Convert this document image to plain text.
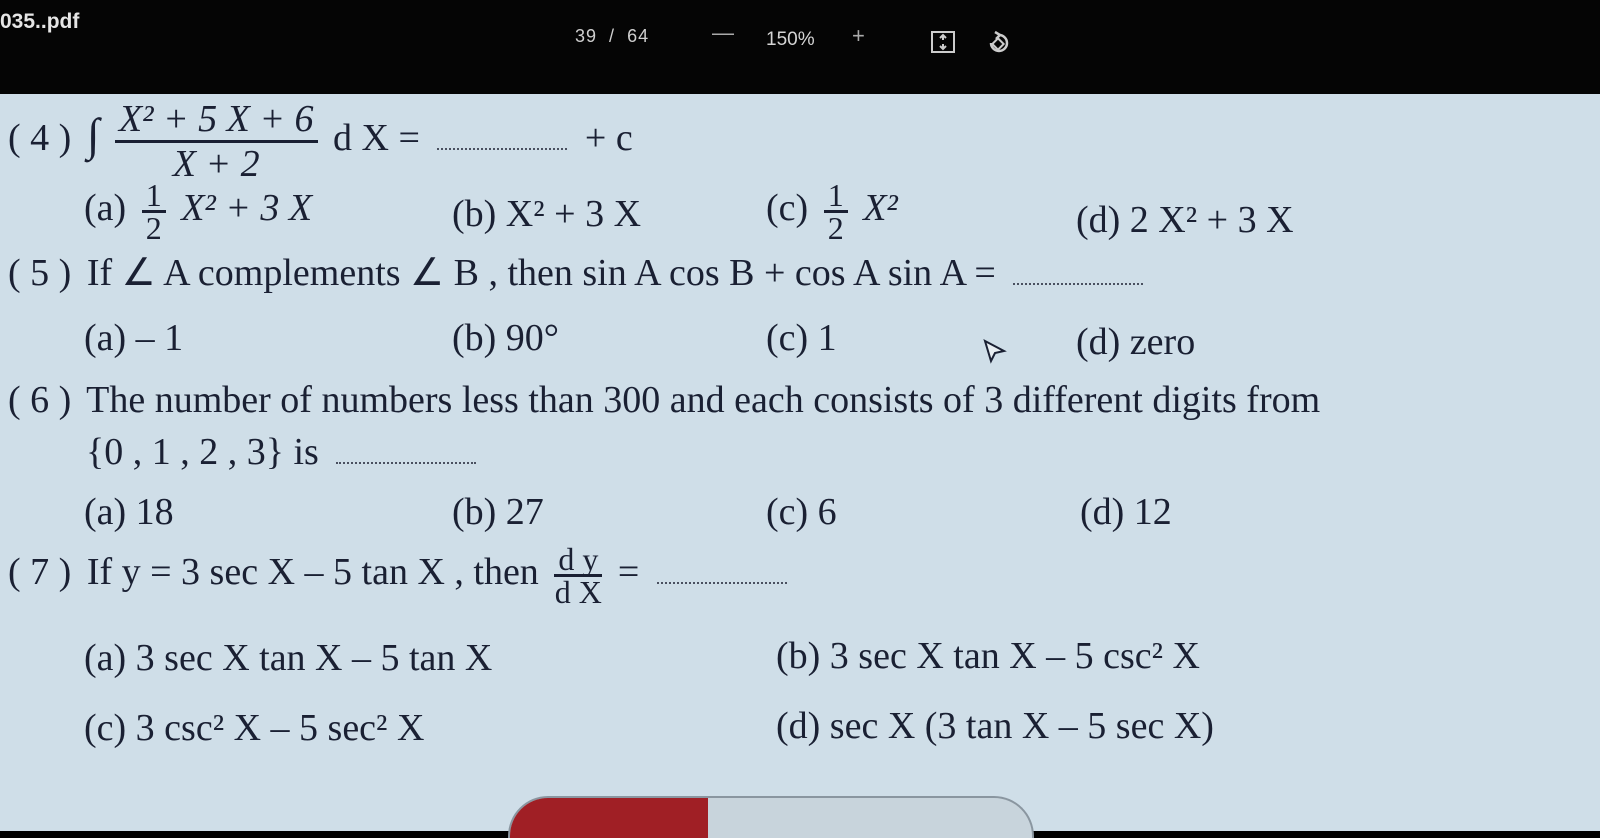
035..pdf
39 / 64	— 150% +
( 4 ) ∫ $\frac{\text{X² + 5 X + 6}}{X + 2}$ d X =	+ c
$(a) \frac{1}{2} X^2 + 3$ X	(b) X² + 3 X	$(c) \frac{1}{2} X^2$	(d) 2 X² + 3 X
( 5 ) If ∠ A complements ∠ B , then sin A cos B + cos A sin A =
(a) – 1	(b) 90°	(c) 1	(d) zero
( 6 ) The number of numbers less than 300 and each consists of 3 different digits from
{0 , 1 , 2 , 3} is
(a) 18	(b) 27	(c) 6	(d) 12
( 7 ) If y = 3 sec X – 5 tan X , then $\frac{\text{d y}}{\text{d X}}$ =
(a) 3 sec X tan X – 5 tan X	(b) 3 sec X tan X – 5 csc² X
(c) 3 csc² X – 5 sec² X	(d) sec X (3 tan X – 5 sec X)
